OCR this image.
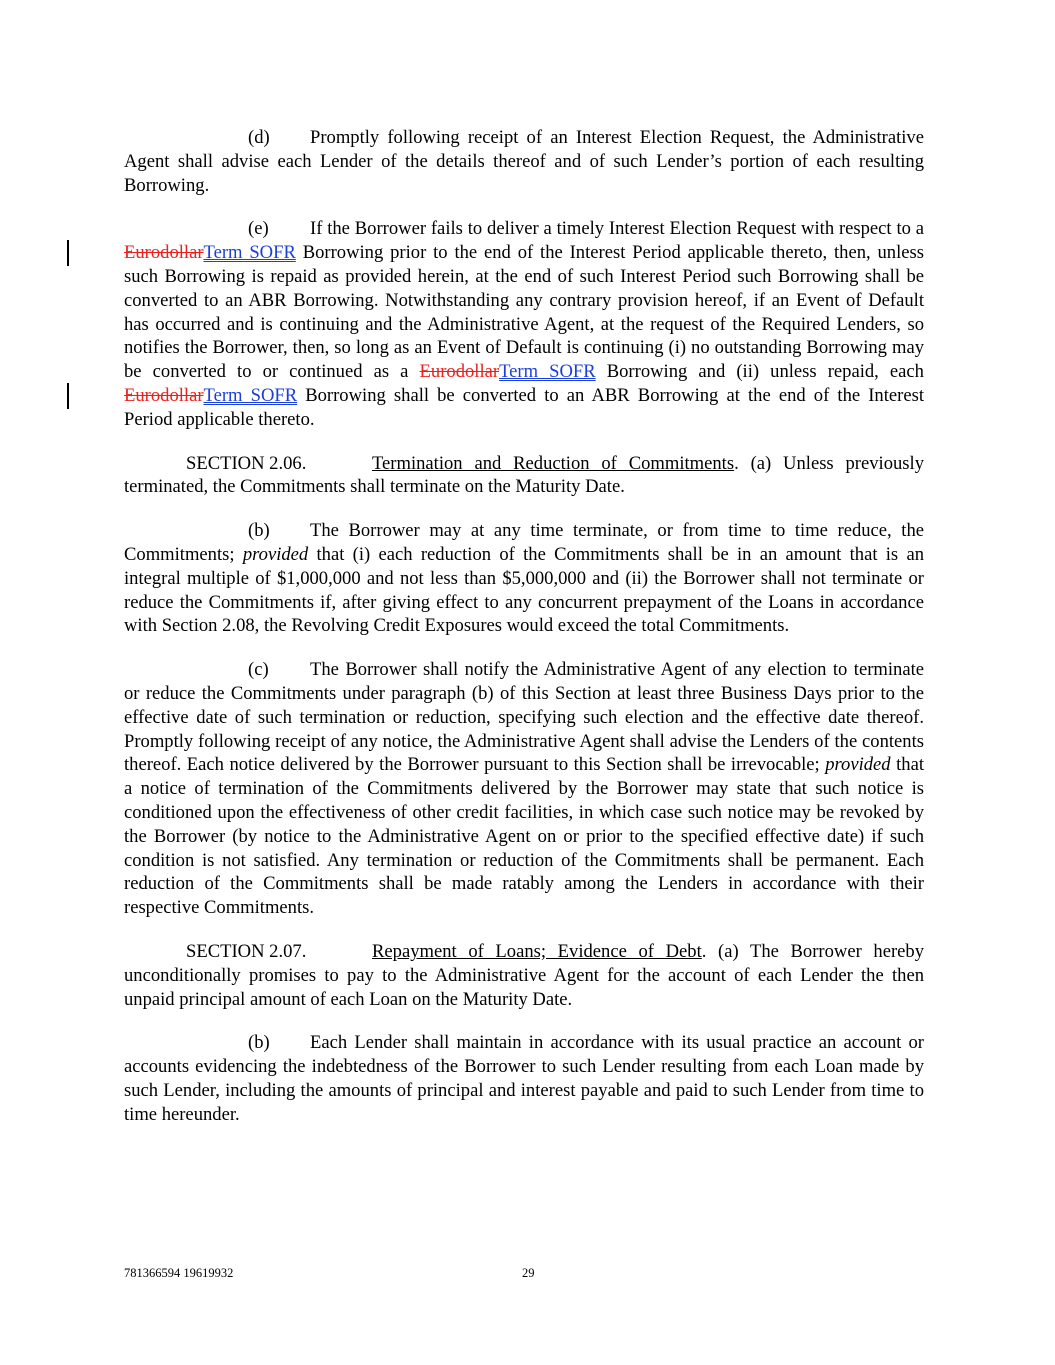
(d) Promptly following receipt of an Interest Election Request, the Administrative Agent shall advise each Lender of the details thereof and of such Lender’s portion of each resulting Borrowing.

(e) If the Borrower fails to deliver a timely Interest Election Request with respect to a EurodollarTerm SOFR Borrowing prior to the end of the Interest Period applicable thereto, then, unless such Borrowing is repaid as provided herein, at the end of such Interest Period such Borrowing shall be converted to an ABR Borrowing. Notwithstanding any contrary provision hereof, if an Event of Default has occurred and is continuing and the Administrative Agent, at the request of the Required Lenders, so notifies the Borrower, then, so long as an Event of Default is continuing (i) no outstanding Borrowing may be converted to or continued as a EurodollarTerm SOFR Borrowing and (ii) unless repaid, each EurodollarTerm SOFR Borrowing shall be converted to an ABR Borrowing at the end of the Interest Period applicable thereto.

SECTION 2.06.	Termination and Reduction of Commitments. (a) Unless previously terminated, the Commitments shall terminate on the Maturity Date.

(b) The Borrower may at any time terminate, or from time to time reduce, the Commitments; provided that (i) each reduction of the Commitments shall be in an amount that is an integral multiple of $1,000,000 and not less than $5,000,000 and (ii) the Borrower shall not terminate or reduce the Commitments if, after giving effect to any concurrent prepayment of the Loans in accordance with Section 2.08, the Revolving Credit Exposures would exceed the total Commitments.

(c) The Borrower shall notify the Administrative Agent of any election to terminate or reduce the Commitments under paragraph (b) of this Section at least three Business Days prior to the effective date of such termination or reduction, specifying such election and the effective date thereof. Promptly following receipt of any notice, the Administrative Agent shall advise the Lenders of the contents thereof. Each notice delivered by the Borrower pursuant to this Section shall be irrevocable; provided that a notice of termination of the Commitments delivered by the Borrower may state that such notice is conditioned upon the effectiveness of other credit facilities, in which case such notice may be revoked by the Borrower (by notice to the Administrative Agent on or prior to the specified effective date) if such condition is not satisfied. Any termination or reduction of the Commitments shall be permanent. Each reduction of the Commitments shall be made ratably among the Lenders in accordance with their respective Commitments.

SECTION 2.07.	Repayment of Loans; Evidence of Debt. (a) The Borrower hereby unconditionally promises to pay to the Administrative Agent for the account of each Lender the then unpaid principal amount of each Loan on the Maturity Date.

(b) Each Lender shall maintain in accordance with its usual practice an account or accounts evidencing the indebtedness of the Borrower to such Lender resulting from each Loan made by such Lender, including the amounts of principal and interest payable and paid to such Lender from time to time hereunder.

781366594 19619932	29
